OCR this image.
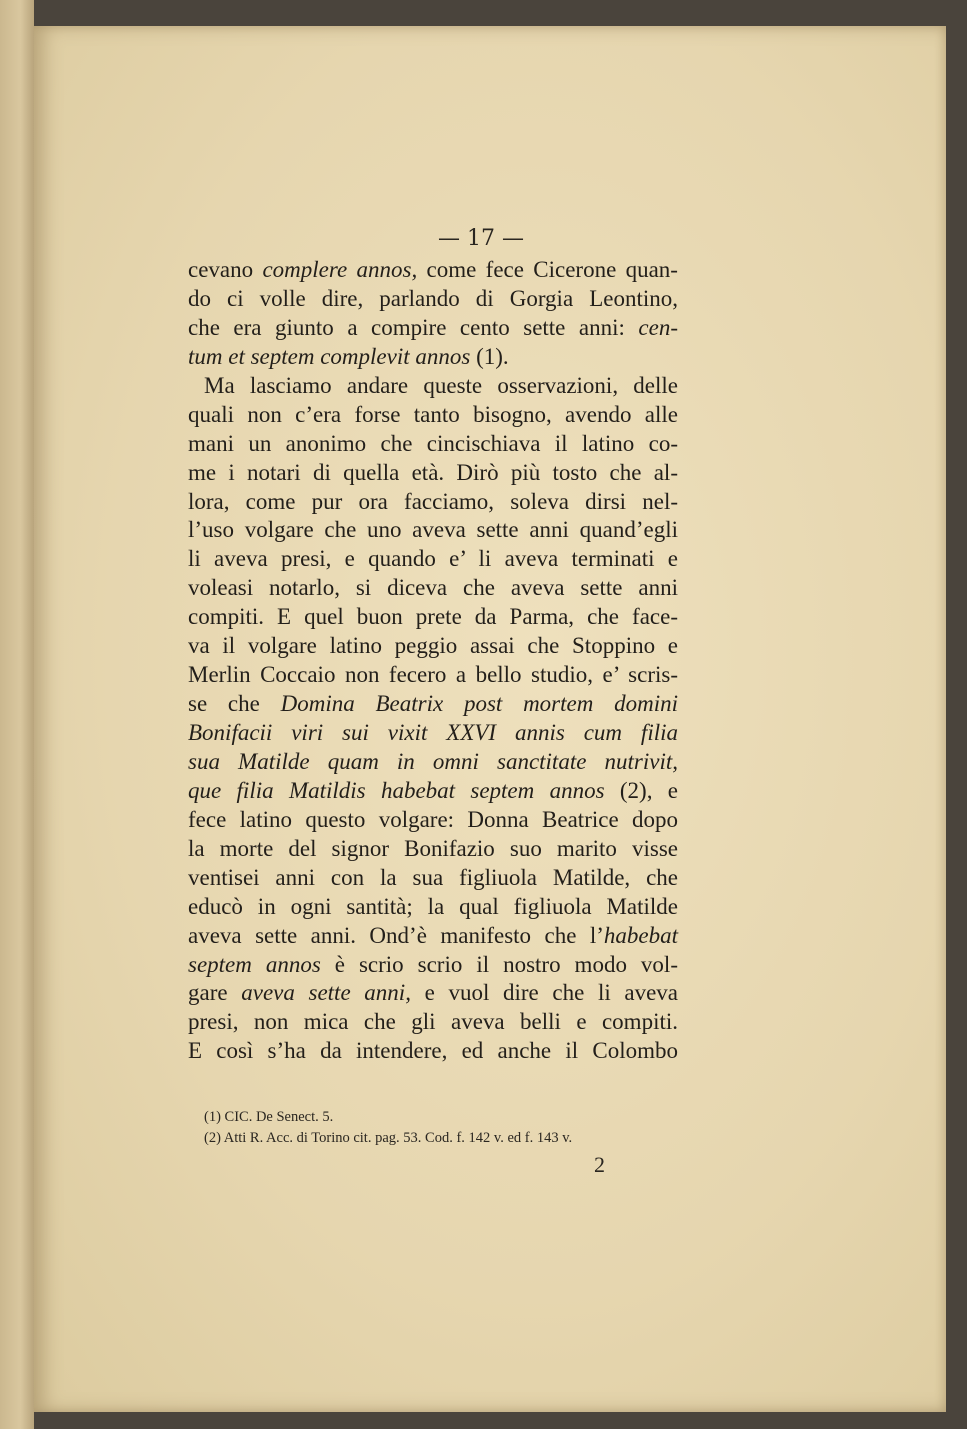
— 17 —
cevano complere annos, come fece Cicerone quan-
do ci volle dire, parlando di Gorgia Leontino,
che era giunto a compire cento sette anni: cen-
tum et septem complevit annos (1).
Ma lasciamo andare queste osservazioni, delle
quali non c’era forse tanto bisogno, avendo alle
mani un anonimo che cincischiava il latino co-
me i notari di quella età. Dirò più tosto che al-
lora, come pur ora facciamo, soleva dirsi nel-
l’uso volgare che uno aveva sette anni quand’egli
li aveva presi, e quando e’ li aveva terminati e
voleasi notarlo, si diceva che aveva sette anni
compiti. E quel buon prete da Parma, che face-
va il volgare latino peggio assai che Stoppino e
Merlin Coccaio non fecero a bello studio, e’ scris-
se che Domina Beatrix post mortem domini
Bonifacii viri sui vixit XXVI annis cum filia
sua Matilde quam in omni sanctitate nutrivit,
que filia Matildis habebat septem annos (2), e
fece latino questo volgare: Donna Beatrice dopo
la morte del signor Bonifazio suo marito visse
ventisei anni con la sua figliuola Matilde, che
educò in ogni santità; la qual figliuola Matilde
aveva sette anni. Ond’è manifesto che l’habebat
septem annos è scrio scrio il nostro modo vol-
gare aveva sette anni, e vuol dire che li aveva
presi, non mica che gli aveva belli e compiti.
E così s’ha da intendere, ed anche il Colombo
(1) CIC. De Senect. 5.
(2) Atti R. Acc. di Torino cit. pag. 53. Cod. f. 142 v. ed f. 143 v.
2
